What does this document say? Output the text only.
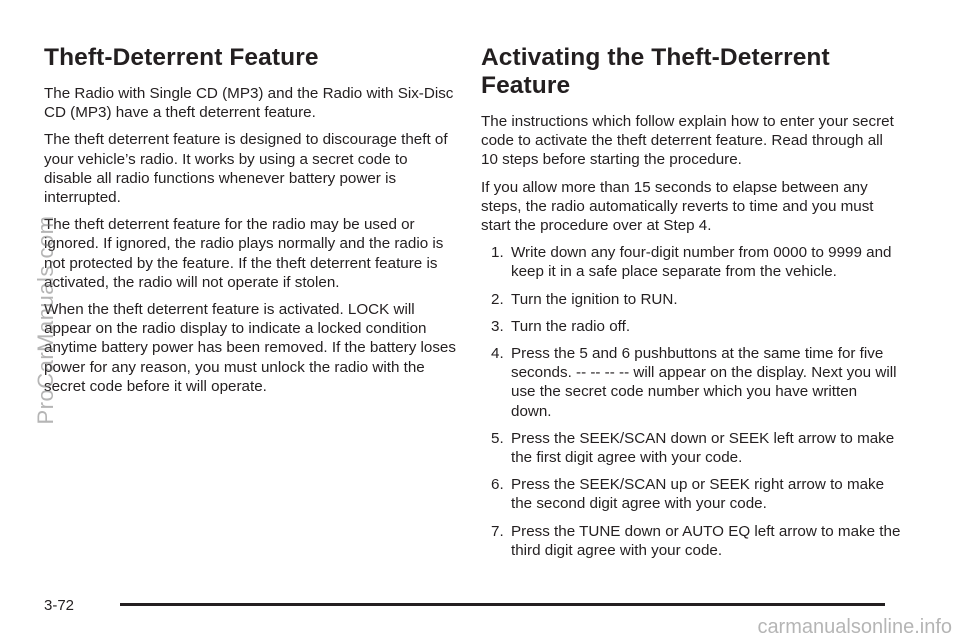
Theft-Deterrent Feature

The Radio with Single CD (MP3) and the Radio with Six-Disc CD (MP3) have a theft deterrent feature.

The theft deterrent feature is designed to discourage theft of your vehicle’s radio. It works by using a secret code to disable all radio functions whenever battery power is interrupted.

The theft deterrent feature for the radio may be used or ignored. If ignored, the radio plays normally and the radio is not protected by the feature. If the theft deterrent feature is activated, the radio will not operate if stolen.

When the theft deterrent feature is activated. LOCK will appear on the radio display to indicate a locked condition anytime battery power has been removed. If the battery loses power for any reason, you must unlock the radio with the secret code before it will operate.

Activating the Theft-Deterrent Feature

The instructions which follow explain how to enter your secret code to activate the theft deterrent feature. Read through all 10 steps before starting the procedure.

If you allow more than 15 seconds to elapse between any steps, the radio automatically reverts to time and you must start the procedure over at Step 4.

1. Write down any four-digit number from 0000 to 9999 and keep it in a safe place separate from the vehicle.
2. Turn the ignition to RUN.
3. Turn the radio off.
4. Press the 5 and 6 pushbuttons at the same time for five seconds. -- -- -- -- will appear on the display. Next you will use the secret code number which you have written down.
5. Press the SEEK/SCAN down or SEEK left arrow to make the first digit agree with your code.
6. Press the SEEK/SCAN up or SEEK right arrow to make the second digit agree with your code.
7. Press the TUNE down or AUTO EQ left arrow to make the third digit agree with your code.
3-72
ProCarManuals.com
carmanualsonline.info
